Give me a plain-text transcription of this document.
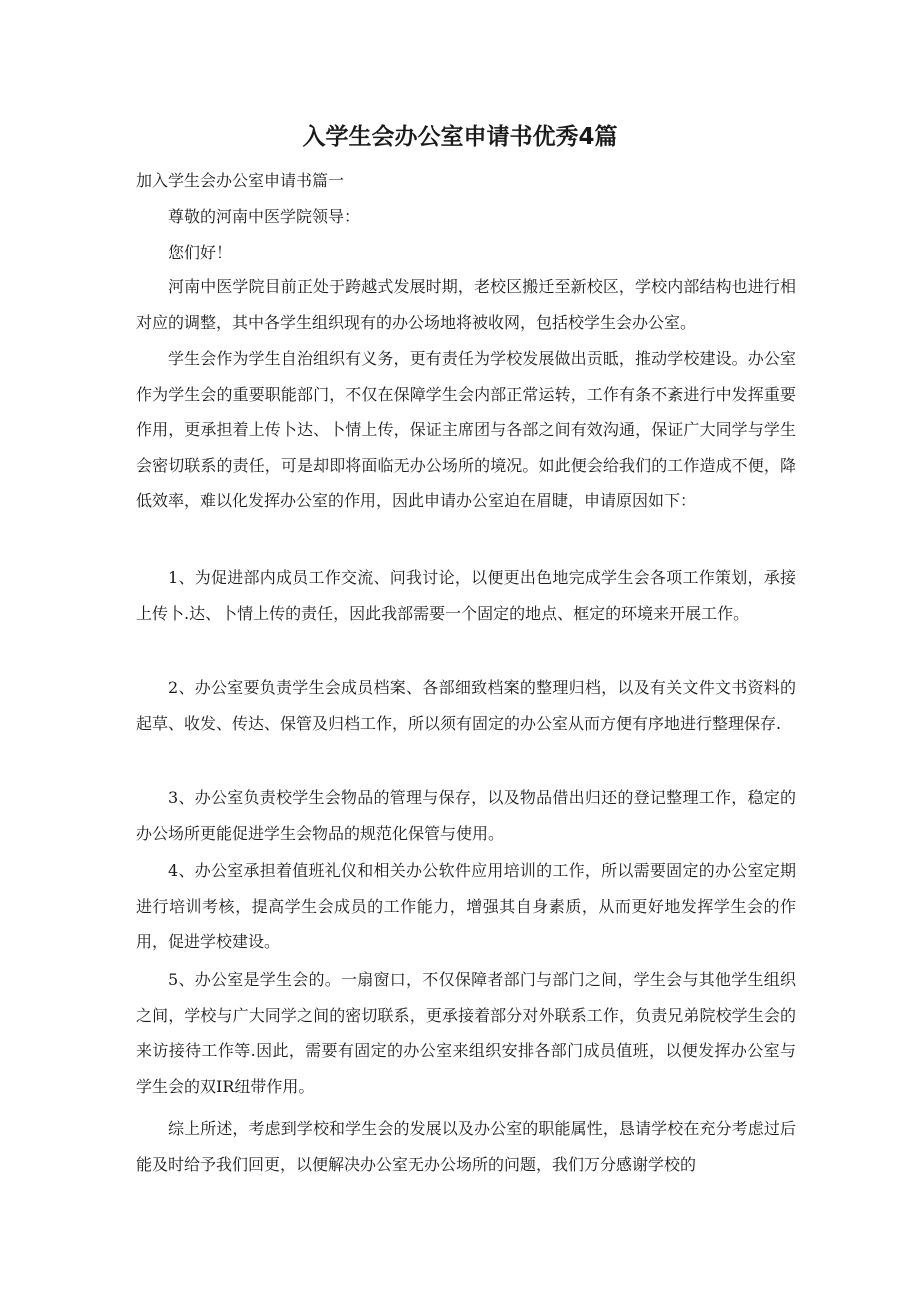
入学生会办公室申请书优秀4篇

加入学生会办公室申请书篇一

尊敬的河南中医学院领导：

您们好！

河南中医学院目前正处于跨越式发展时期，老校区搬迁至新校区，学校内部结构也进行相对应的调整，其中各学生组织现有的办公场地将被收网，包括校学生会办公室。

学生会作为学生自治组织有义务，更有责任为学校发展做出贡眡，推动学校建设。办公室作为学生会的重要职能部门，不仅在保障学生会内部正常运转，工作有条不紊进行中发挥重要作用，更承担着上传卜达、卜情上传，保证主席团与各部之间有效沟通，保证广大同学与学生会密切联系的责任，可是却即将面临无办公场所的境况。如此便会给我们的工作造成不便，降低效率，难以化发挥办公室的作用，因此申请办公室迫在眉睫，申请原因如下：

1、为促进部内成员工作交流、问我讨论，以便更出色地完成学生会各项工作策划，承接上传卜.达、卜情上传的责任，因此我部需要一个固定的地点、框定的环境来开展工作。

2、办公室要负责学生会成员档案、各部细致档案的整理归档，以及有关文件文书资料的起草、收发、传达、保管及归档工作，所以须有固定的办公室从而方便有序地进行整理保存.

3、办公室负责校学生会物品的管理与保存，以及物品借出归还的登记整理工作，稳定的办公场所更能促进学生会物品的规范化保管与使用。

4、办公室承担着值班礼仪和相关办公软件应用培训的工作，所以需要固定的办公室定期进行培训考核，提高学生会成员的工作能力，增强其自身素质，从而更好地发挥学生会的作用，促进学校建设。

5、办公室是学生会的。一扇窗口，不仅保障者部门与部门之间，学生会与其他学生组织之间，学校与广大同学之间的密切联系，更承接着部分对外联系工作，负责兄弟院校学生会的来访接待工作等.因此，需要有固定的办公室来组织安排各部门成员值班，以便发挥办公室与学生会的双IR纽带作用。

综上所述，考虑到学校和学生会的发展以及办公室的职能属性，恳请学校在充分考虑过后能及时给予我们回更，以便解决办公室无办公场所的问题，我们万分感谢学校的
